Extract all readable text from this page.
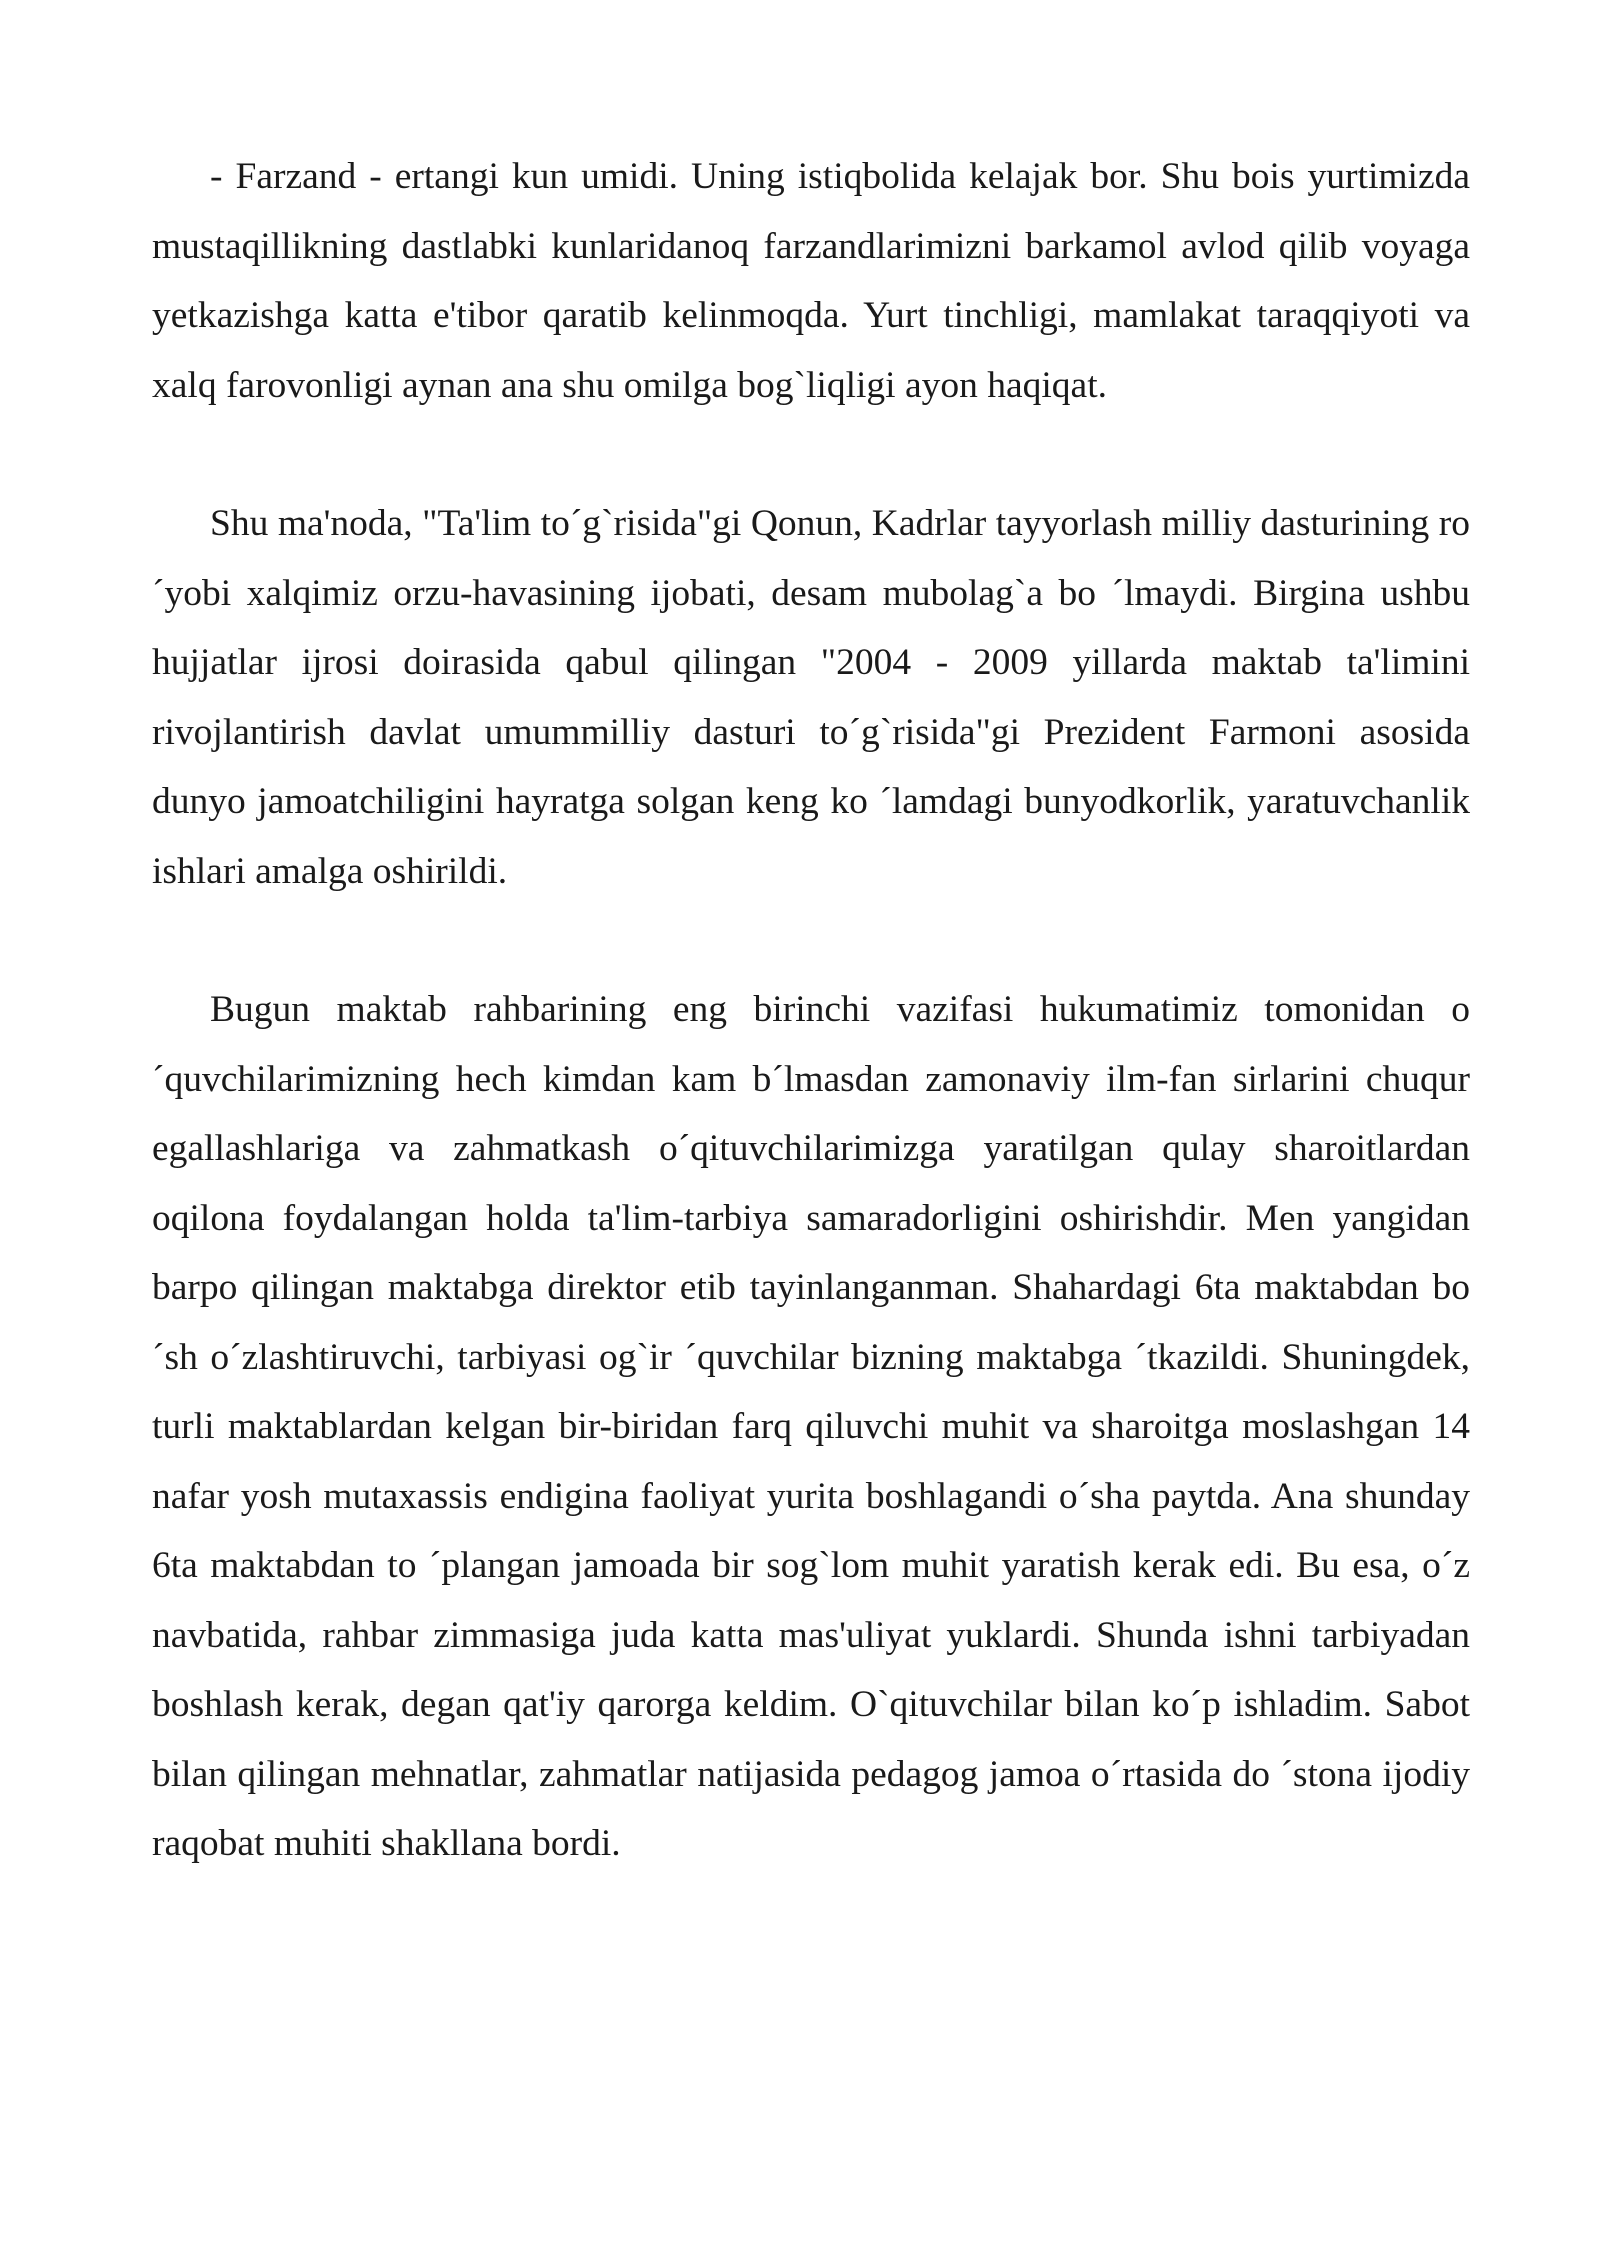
- Farzand - ertangi kun umidi. Uning istiqbolida kelajak bor. Shu bois yurtimizda mustaqillikning dastlabki kunlaridanoq farzandlarimizni barkamol avlod qilib voyaga yetkazishga katta e'tibor qaratib kelinmoqda. Yurt tinchligi, mamlakat taraqqiyoti va xalq farovonligi aynan ana shu omilga bog`liqligi ayon haqiqat.

Shu ma'noda, "Ta'lim to´g`risida"gi Qonun, Kadrlar tayyorlash milliy dasturining ro´yobi xalqimiz orzu-havasining ijobati, desam mubolag`a bo ´lmaydi. Birgina ushbu hujjatlar ijrosi doirasida qabul qilingan "2004 - 2009 yillarda maktab ta'limini rivojlantirish davlat umummilliy dasturi to´g`risida"gi Prezident Farmoni asosida dunyo jamoatchiligini hayratga solgan keng ko ´lamdagi bunyodkorlik, yaratuvchanlik ishlari amalga oshirildi.

Bugun maktab rahbarining eng birinchi vazifasi hukumatimiz tomonidan o ´quvchilarimizning hech kimdan kam b´lmasdan zamonaviy ilm-fan sirlarini chuqur egallashlariga va zahmatkash o´qituvchilarimizga yaratilgan qulay sharoitlardan oqilona foydalangan holda ta'lim-tarbiya samaradorligini oshirishdir. Men yangidan barpo qilingan maktabga direktor etib tayinlanganman. Shahardagi 6ta maktabdan bo´sh o´zlashtiruvchi, tarbiyasi og`ir ´quvchilar bizning maktabga ´tkazildi. Shuningdek, turli maktablardan kelgan bir-biridan farq qiluvchi muhit va sharoitga moslashgan 14 nafar yosh mutaxassis endigina faoliyat yurita boshlagandi o´sha paytda. Ana shunday 6ta maktabdan to ´plangan jamoada bir sog`lom muhit yaratish kerak edi. Bu esa, o´z navbatida, rahbar zimmasiga juda katta mas'uliyat yuklardi. Shunda ishni tarbiyadan boshlash kerak, degan qat'iy qarorga keldim. O`qituvchilar bilan ko´p ishladim. Sabot bilan qilingan mehnatlar, zahmatlar natijasida pedagog jamoa o´rtasida do ´stona ijodiy raqobat muhiti shakllana bordi.
